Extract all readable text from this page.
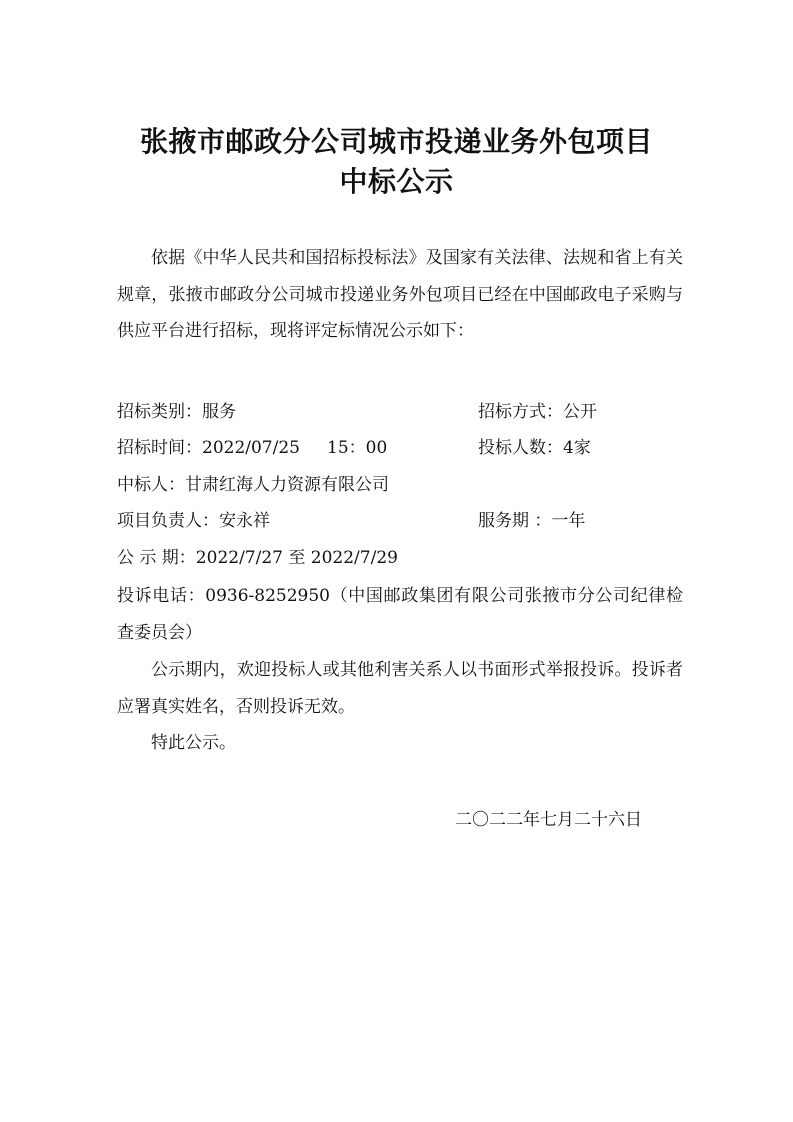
张掖市邮政分公司城市投递业务外包项目
中标公示
依据《中华人民共和国招标投标法》及国家有关法律、法规和省上有关规章，张掖市邮政分公司城市投递业务外包项目已经在中国邮政电子采购与供应平台进行招标，现将评定标情况公示如下：
招标类别：服务	招标方式：公开
招标时间：2022/07/25     15：00	投标人数：4家
中标人：甘肃红海人力资源有限公司
项目负责人：安永祥	服务期 ：一年
公 示 期：2022/7/27 至 2022/7/29
投诉电话：0936-8252950（中国邮政集团有限公司张掖市分公司纪律检查委员会）
公示期内，欢迎投标人或其他利害关系人以书面形式举报投诉。投诉者应署真实姓名，否则投诉无效。
特此公示。
二〇二二年七月二十六日
